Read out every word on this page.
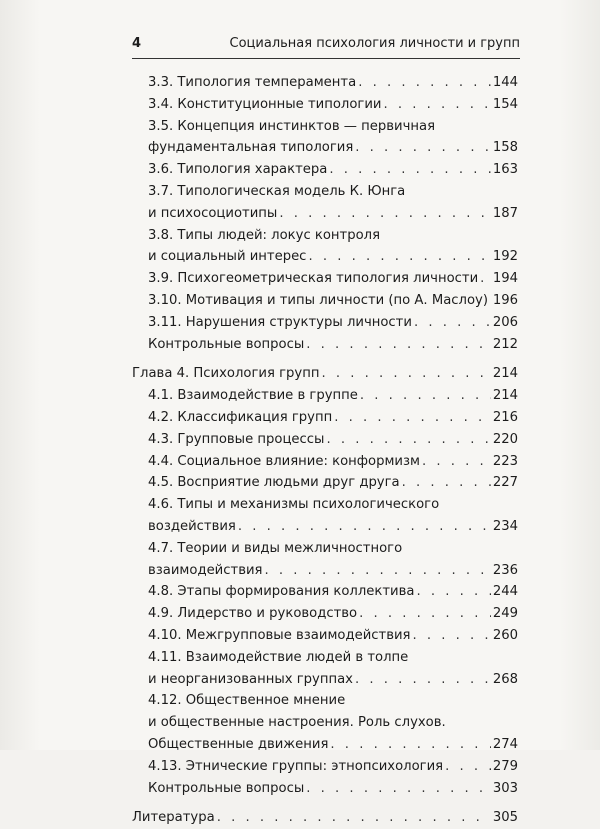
4	Социальная психология личности и групп
3.3. Типология темперамента . . .	144
3.4. Конституционные типологии . . .	154
3.5. Концепция инстинктов — первичная
фундаментальная типология . . .	158
3.6. Типология характера . . .	163
3.7. Типологическая модель К. Юнга
и психосоциотипы . . .	187
3.8. Типы людей: локус контроля
и социальный интерес . . .	192
3.9. Психогеометрическая типология личности . . . 194
3.10. Мотивация и типы личности (по А. Маслоу) . . . 196
3.11. Нарушения структуры личности . . .	206
Контрольные вопросы . . .	212
Глава 4. Психология групп . . .	214
4.1. Взаимодействие в группе . . .	214
4.2. Классификация групп . . .	216
4.3. Групповые процессы . . .	220
4.4. Социальное влияние: конформизм . . .	223
4.5. Восприятие людьми друг друга . . .	227
4.6. Типы и механизмы психологического
воздействия . . .	234
4.7. Теории и виды межличностного
взаимодействия . . .	236
4.8. Этапы формирования коллектива . . .	244
4.9. Лидерство и руководство . . .	249
4.10. Межгрупповые взаимодействия . . .	260
4.11. Взаимодействие людей в толпе
и неорганизованных группах . . .	268
4.12. Общественное мнение
и общественные настроения. Роль слухов.
Общественные движения . . .	274
4.13. Этнические группы: этнопсихология . . .	279
Контрольные вопросы . . .	303
Литература . . .	305
